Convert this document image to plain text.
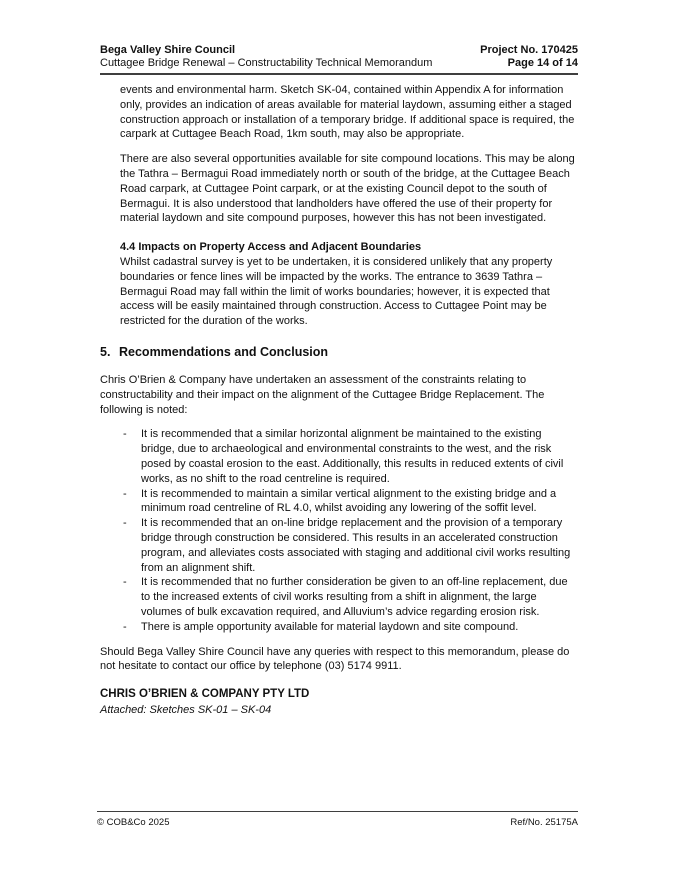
Bega Valley Shire Council	Project No. 170425
Cuttagee Bridge Renewal – Constructability Technical Memorandum	Page 14 of 14

events and environmental harm. Sketch SK-04, contained within Appendix A for information only, provides an indication of areas available for material laydown, assuming either a staged construction approach or installation of a temporary bridge. If additional space is required, the carpark at Cuttagee Beach Road, 1km south, may also be appropriate.

There are also several opportunities available for site compound locations. This may be along the Tathra – Bermagui Road immediately north or south of the bridge, at the Cuttagee Beach Road carpark, at Cuttagee Point carpark, or at the existing Council depot to the south of Bermagui. It is also understood that landholders have offered the use of their property for material laydown and site compound purposes, however this has not been investigated.

4.4 Impacts on Property Access and Adjacent Boundaries

Whilst cadastral survey is yet to be undertaken, it is considered unlikely that any property boundaries or fence lines will be impacted by the works. The entrance to 3639 Tathra – Bermagui Road may fall within the limit of works boundaries; however, it is expected that access will be easily maintained through construction. Access to Cuttagee Point may be restricted for the duration of the works.

5. Recommendations and Conclusion

Chris O’Brien & Company have undertaken an assessment of the constraints relating to constructability and their impact on the alignment of the Cuttagee Bridge Replacement. The following is noted:

-	It is recommended that a similar horizontal alignment be maintained to the existing bridge, due to archaeological and environmental constraints to the west, and the risk posed by coastal erosion to the east. Additionally, this results in reduced extents of civil works, as no shift to the road centreline is required.
-	It is recommended to maintain a similar vertical alignment to the existing bridge and a minimum road centreline of RL 4.0, whilst avoiding any lowering of the soffit level.
-	It is recommended that an on-line bridge replacement and the provision of a temporary bridge through construction be considered. This results in an accelerated construction program, and alleviates costs associated with staging and additional civil works resulting from an alignment shift.
-	It is recommended that no further consideration be given to an off-line replacement, due to the increased extents of civil works resulting from a shift in alignment, the large volumes of bulk excavation required, and Alluvium’s advice regarding erosion risk.
-	There is ample opportunity available for material laydown and site compound.

Should Bega Valley Shire Council have any queries with respect to this memorandum, please do not hesitate to contact our office by telephone (03) 5174 9911.

CHRIS O’BRIEN & COMPANY PTY LTD

Attached: Sketches SK-01 – SK-04

© COB&Co 2025	Ref/No. 25175A
